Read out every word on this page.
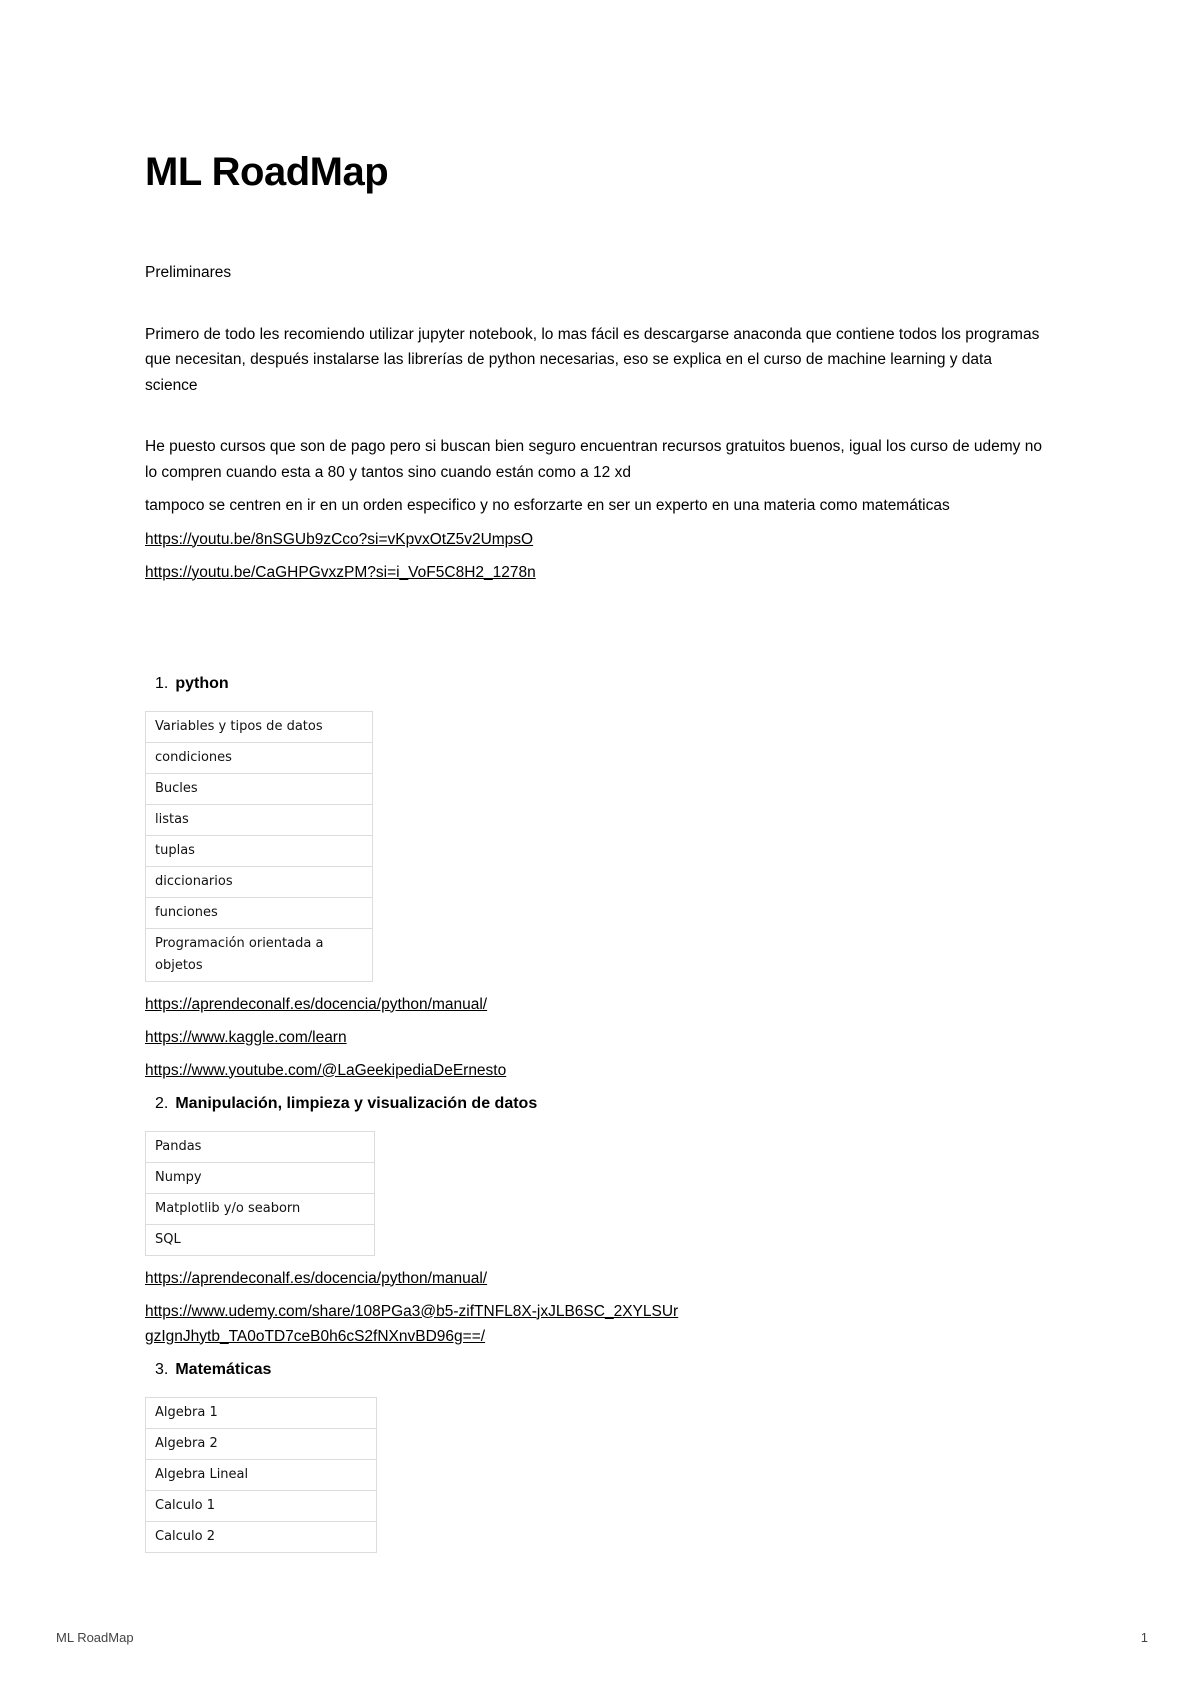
ML RoadMap
Preliminares

Primero de todo les recomiendo utilizar jupyter notebook, lo mas fácil es descargarse anaconda que contiene todos los programas que necesitan, después instalarse las librerías de python necesarias, eso se explica en el curso de machine learning y data science

He puesto cursos que son de pago pero si buscan bien seguro encuentran recursos gratuitos buenos, igual los curso de udemy no lo compren cuando esta a 80 y tantos sino cuando están como a 12 xd

tampoco se centren en ir en un orden especifico y no esforzarte en ser un experto en una materia como matemáticas

https://youtu.be/8nSGUb9zCco?si=vKpvxOtZ5v2UmpsO
https://youtu.be/CaGHPGvxzPM?si=i_VoF5C8H2_1278n
1. python
Variables y tipos de datos
condiciones
Bucles
listas
tuplas
diccionarios
funciones
Programación orientada a objetos
https://aprendeconalf.es/docencia/python/manual/
https://www.kaggle.com/learn
https://www.youtube.com/@LaGeekipediaDeErnesto
2. Manipulación, limpieza y visualización de datos
Pandas
Numpy
Matplotlib y/o seaborn
SQL
https://aprendeconalf.es/docencia/python/manual/
https://www.udemy.com/share/108PGa3@b5-zifTNFL8X-jxJLB6SC_2XYLSUrgzIgnJhytb_TA0oTD7ceB0h6cS2fNXnvBD96g==/
3. Matemáticas
Algebra 1
Algebra 2
Algebra Lineal
Calculo 1
Calculo 2
ML RoadMap	1
